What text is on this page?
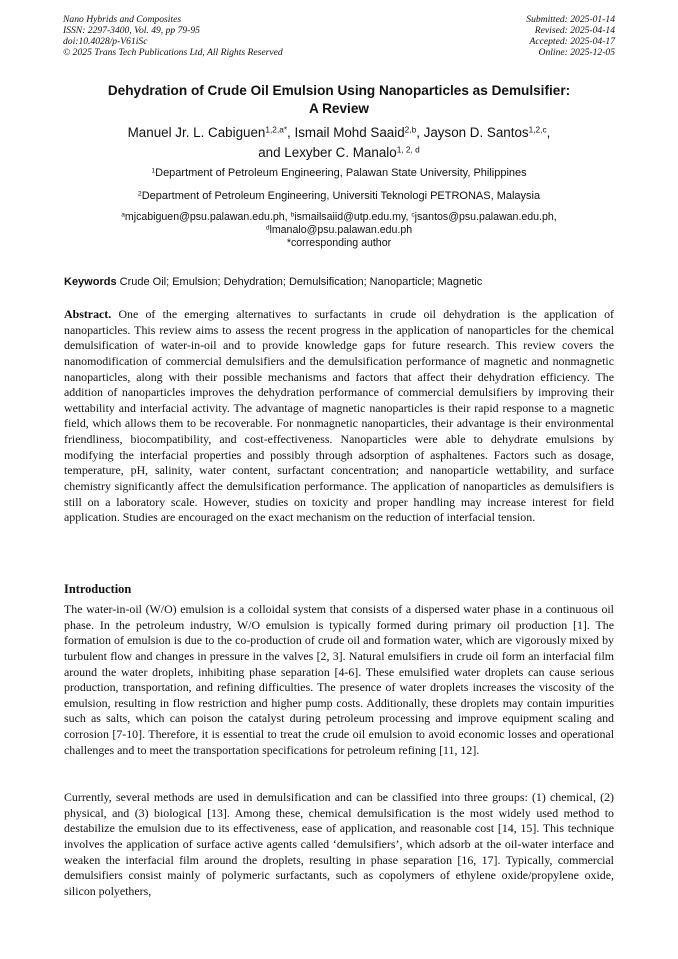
Nano Hybrids and Composites
ISSN: 2297-3400, Vol. 49, pp 79-95
doi:10.4028/p-V61iSc
© 2025 Trans Tech Publications Ltd, All Rights Reserved
Submitted: 2025-01-14
Revised: 2025-04-14
Accepted: 2025-04-17
Online: 2025-12-05
Dehydration of Crude Oil Emulsion Using Nanoparticles as Demulsifier:
A Review
Manuel Jr. L. Cabiguen$^{1,2,a*}$, Ismail Mohd Saaid$^{2,b}$, Jayson D. Santos$^{1,2,c}$,
and Lexyber C. Manalo$^{1, 2, d}$
$^1$Department of Petroleum Engineering, Palawan State University, Philippines
$^2$Department of Petroleum Engineering, Universiti Teknologi PETRONAS, Malaysia
$^a$mjcabiguen@psu.palawan.edu.ph, $^b$ismailsaiid@utp.edu.my, $^c$jsantos@psu.palawan.edu.ph,
$^d$lmanalo@psu.palawan.edu.ph
*corresponding author
Keywords Crude Oil; Emulsion; Dehydration; Demulsification; Nanoparticle; Magnetic
Abstract. One of the emerging alternatives to surfactants in crude oil dehydration is the application of nanoparticles. This review aims to assess the recent progress in the application of nanoparticles for the chemical demulsification of water-in-oil and to provide knowledge gaps for future research. This review covers the nanomodification of commercial demulsifiers and the demulsification performance of magnetic and nonmagnetic nanoparticles, along with their possible mechanisms and factors that affect their dehydration efficiency. The addition of nanoparticles improves the dehydration performance of commercial demulsifiers by improving their wettability and interfacial activity. The advantage of magnetic nanoparticles is their rapid response to a magnetic field, which allows them to be recoverable. For nonmagnetic nanoparticles, their advantage is their environmental friendliness, biocompatibility, and cost-effectiveness. Nanoparticles were able to dehydrate emulsions by modifying the interfacial properties and possibly through adsorption of asphaltenes. Factors such as dosage, temperature, pH, salinity, water content, surfactant concentration; and nanoparticle wettability, and surface chemistry significantly affect the demulsification performance. The application of nanoparticles as demulsifiers is still on a laboratory scale. However, studies on toxicity and proper handling may increase interest for field application. Studies are encouraged on the exact mechanism on the reduction of interfacial tension.
Introduction

The water-in-oil (W/O) emulsion is a colloidal system that consists of a dispersed water phase in a continuous oil phase. In the petroleum industry, W/O emulsion is typically formed during primary oil production [1]. The formation of emulsion is due to the co-production of crude oil and formation water, which are vigorously mixed by turbulent flow and changes in pressure in the valves [2, 3]. Natural emulsifiers in crude oil form an interfacial film around the water droplets, inhibiting phase separation [4-6]. These emulsified water droplets can cause serious production, transportation, and refining difficulties. The presence of water droplets increases the viscosity of the emulsion, resulting in flow restriction and higher pump costs. Additionally, these droplets may contain impurities such as salts, which can poison the catalyst during petroleum processing and improve equipment scaling and corrosion [7-10]. Therefore, it is essential to treat the crude oil emulsion to avoid economic losses and operational challenges and to meet the transportation specifications for petroleum refining [11, 12].

Currently, several methods are used in demulsification and can be classified into three groups: (1) chemical, (2) physical, and (3) biological [13]. Among these, chemical demulsification is the most widely used method to destabilize the emulsion due to its effectiveness, ease of application, and reasonable cost [14, 15]. This technique involves the application of surface active agents called ‘demulsifiers’, which adsorb at the oil-water interface and weaken the interfacial film around the droplets, resulting in phase separation [16, 17]. Typically, commercial demulsifiers consist mainly of polymeric surfactants, such as copolymers of ethylene oxide/propylene oxide, silicon polyethers,
